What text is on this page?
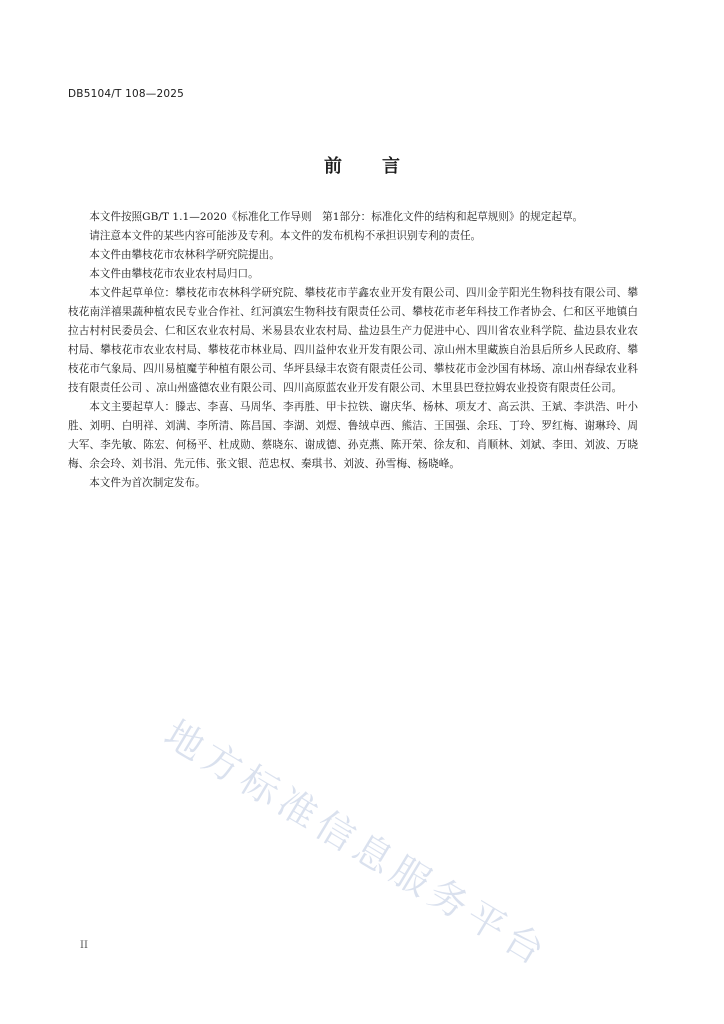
DB5104/T 108—2025
前言

本文件按照GB/T 1.1—2020《标准化工作导则　第1部分：标准化文件的结构和起草规则》的规定起草。

请注意本文件的某些内容可能涉及专利。本文件的发布机构不承担识别专利的责任。

本文件由攀枝花市农林科学研究院提出。

本文件由攀枝花市农业农村局归口。

本文件起草单位：攀枝花市农林科学研究院、攀枝花市芋鑫农业开发有限公司、四川金芋阳光生物科技有限公司、攀枝花南洋禧果蔬种植农民专业合作社、红河滇宏生物科技有限责任公司、攀枝花市老年科技工作者协会、仁和区平地镇白拉古村村民委员会、仁和区农业农村局、米易县农业农村局、盐边县生产力促进中心、四川省农业科学院、盐边县农业农村局、攀枝花市农业农村局、攀枝花市林业局、四川益仲农业开发有限公司、凉山州木里藏族自治县后所乡人民政府、攀枝花市气象局、四川易植魔芋种植有限公司、华坪县绿丰农资有限责任公司、攀枝花市金沙国有林场、凉山州春绿农业科技有限责任公司 、凉山州盛德农业有限公司、四川高原蓝农业开发有限公司、木里县巴登拉姆农业投资有限责任公司。

本文主要起草人：滕志、李喜、马周华、李再胜、甲卡拉铁、谢庆华、杨林、项友才、高云洪、王斌、李洪浩、叶小胜、刘明、白明祥、刘满、李所清、陈昌国、李湖、刘煜、鲁绒卓西、熊洁、王国强、余珏、丁玲、罗红梅、谢琳玲、周大军、李先敏、陈宏、何杨平、杜成勋、蔡晓东、谢成德、孙克燕、陈开荣、徐友和、肖顺林、刘斌、李田、刘波、万晓梅、余会玲、刘书涓、先元伟、张文银、范忠权、秦琪书、刘波、孙雪梅、杨晓峰。

本文件为首次制定发布。

地方标准信息服务平台
II
